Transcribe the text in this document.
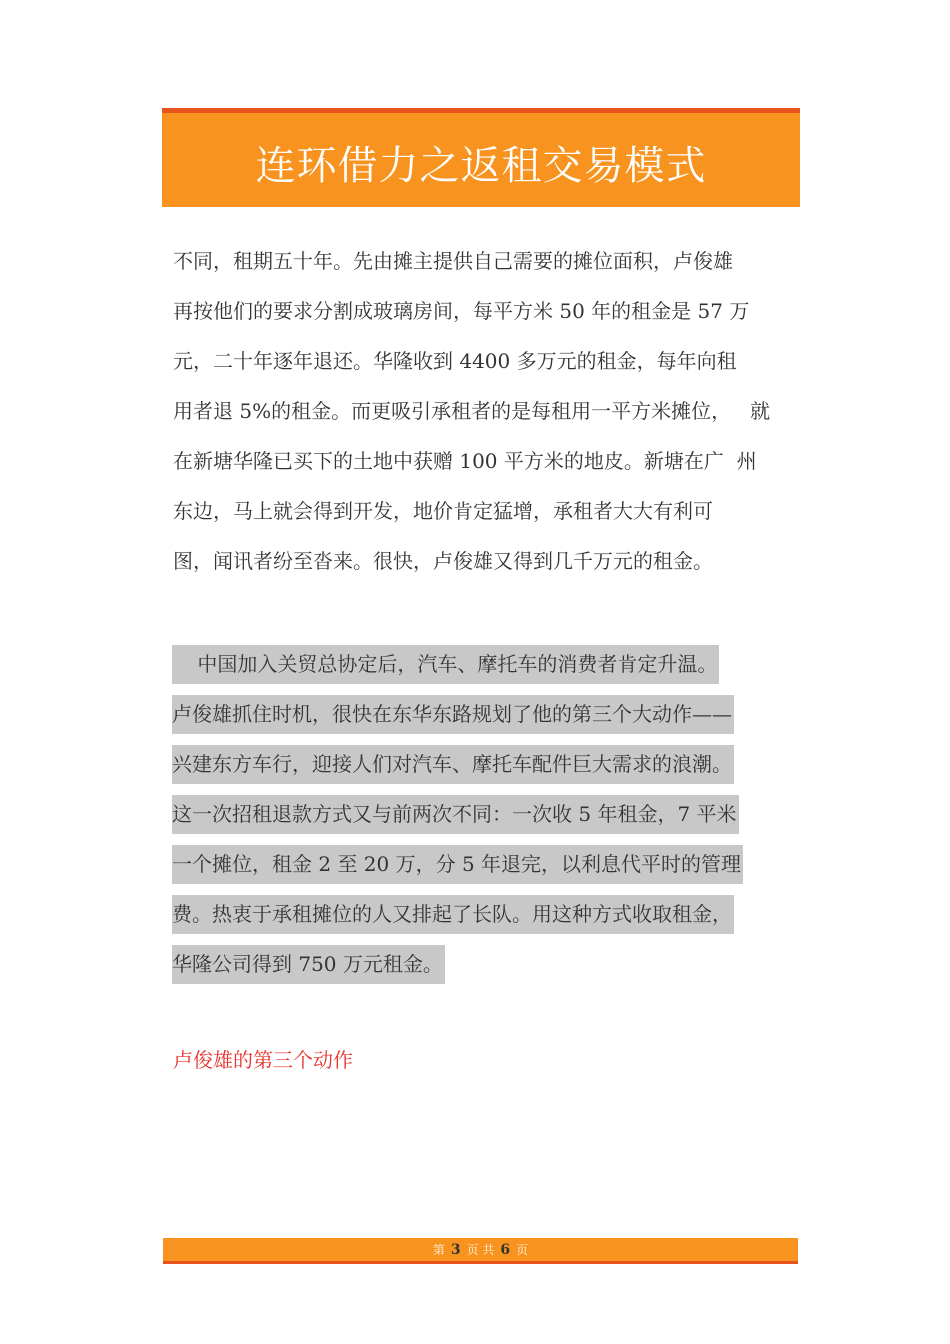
连环借力之返租交易模式
不同，租期五十年。先由摊主提供自己需要的摊位面积，卢俊雄
再按他们的要求分割成玻璃房间，每平方米 50 年的租金是 57 万
元，二十年逐年退还。华隆收到 4400 多万元的租金，每年向租
用者退 5%的租金。而更吸引承租者的是每租用一平方米摊位，   就
在新塘华隆已买下的土地中获赠 100 平方米的地皮。新塘在广  州
东边，马上就会得到开发，地价肯定猛增，承租者大大有利可
图，闻讯者纷至沓来。很快，卢俊雄又得到几千万元的租金。
中国加入关贸总协定后，汽车、摩托车的消费者肯定升温。
卢俊雄抓住时机，很快在东华东路规划了他的第三个大动作——
兴建东方车行，迎接人们对汽车、摩托车配件巨大需求的浪潮。
这一次招租退款方式又与前两次不同：一次收 5 年租金，7 平米
一个摊位，租金 2 至 20 万，分 5 年退完，以利息代平时的管理
费。热衷于承租摊位的人又排起了长队。用这种方式收取租金，
华隆公司得到 750 万元租金。
卢俊雄的第三个动作
第 3 页 共 6 页
